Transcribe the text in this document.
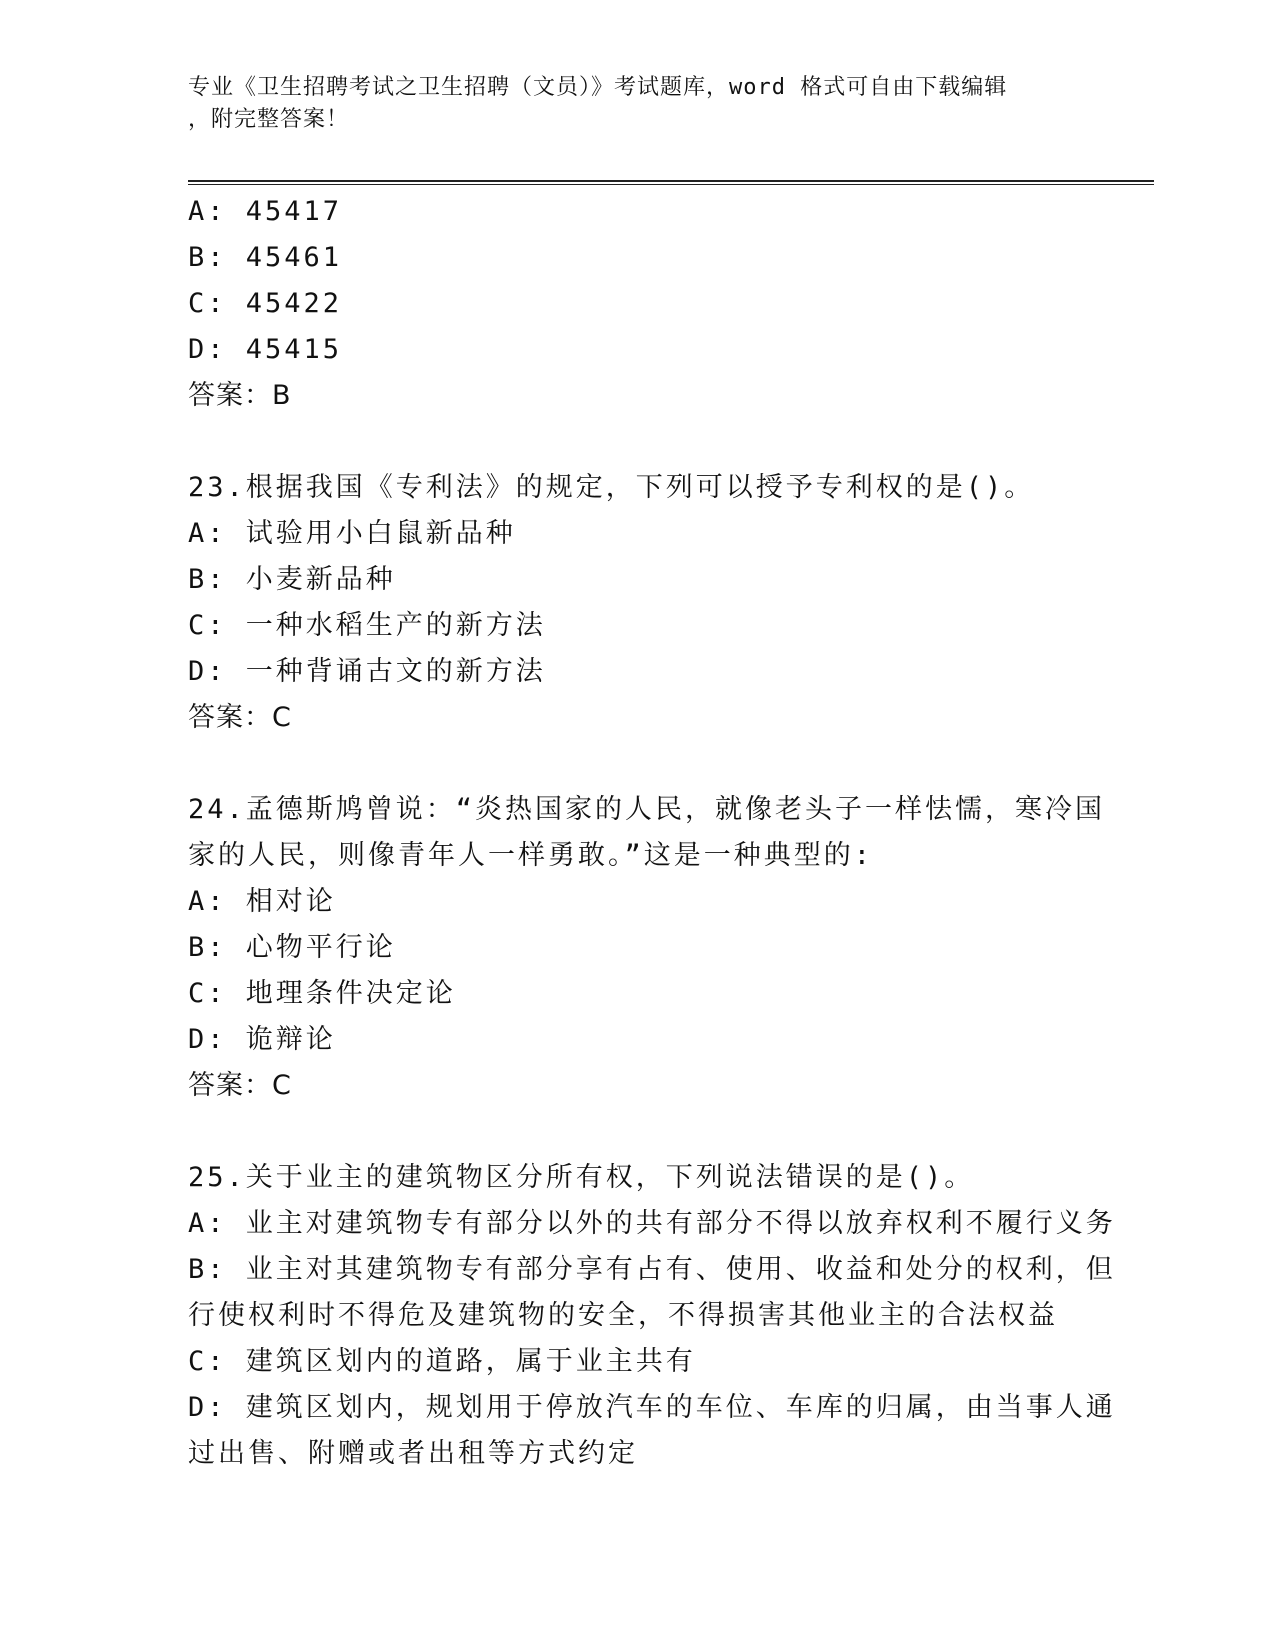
专业《卫生招聘考试之卫生招聘（文员）》考试题库，word 格式可自由下载编辑
，附完整答案！
A: 45417
B: 45461
C: 45422
D: 45415
答案：B
23.根据我国《专利法》的规定，下列可以授予专利权的是()。
A: 试验用小白鼠新品种
B: 小麦新品种
C: 一种水稻生产的新方法
D: 一种背诵古文的新方法
答案：C
24.孟德斯鸠曾说：“炎热国家的人民，就像老头子一样怯懦，寒冷国
家的人民，则像青年人一样勇敢。”这是一种典型的:
A: 相对论
B: 心物平行论
C: 地理条件决定论
D: 诡辩论
答案：C
25.关于业主的建筑物区分所有权，下列说法错误的是()。
A: 业主对建筑物专有部分以外的共有部分不得以放弃权利不履行义务
B: 业主对其建筑物专有部分享有占有、使用、收益和处分的权利，但
行使权利时不得危及建筑物的安全，不得损害其他业主的合法权益
C: 建筑区划内的道路，属于业主共有
D: 建筑区划内，规划用于停放汽车的车位、车库的归属，由当事人通
过出售、附赠或者出租等方式约定
